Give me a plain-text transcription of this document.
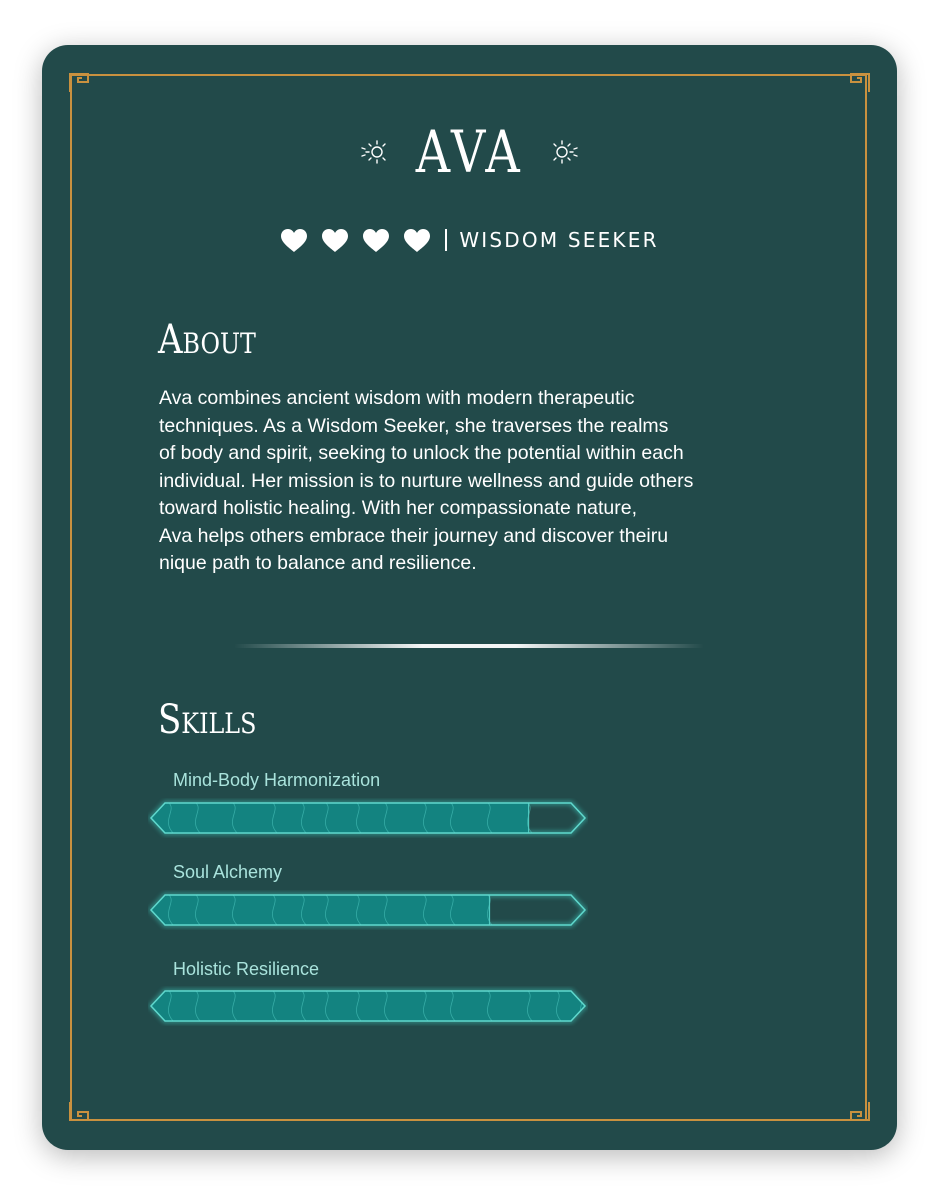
AVA
WISDOM SEEKER
About
Ava combines ancient wisdom with modern therapeutic
techniques. As a Wisdom Seeker, she traverses the realms
of body and spirit, seeking to unlock the potential within each
individual. Her mission is to nurture wellness and guide others
toward holistic healing. With her compassionate nature,
Ava helps others embrace their journey and discover theiru
nique path to balance and resilience.
Skills
Mind-Body Harmonization
Soul Alchemy
Holistic Resilience
